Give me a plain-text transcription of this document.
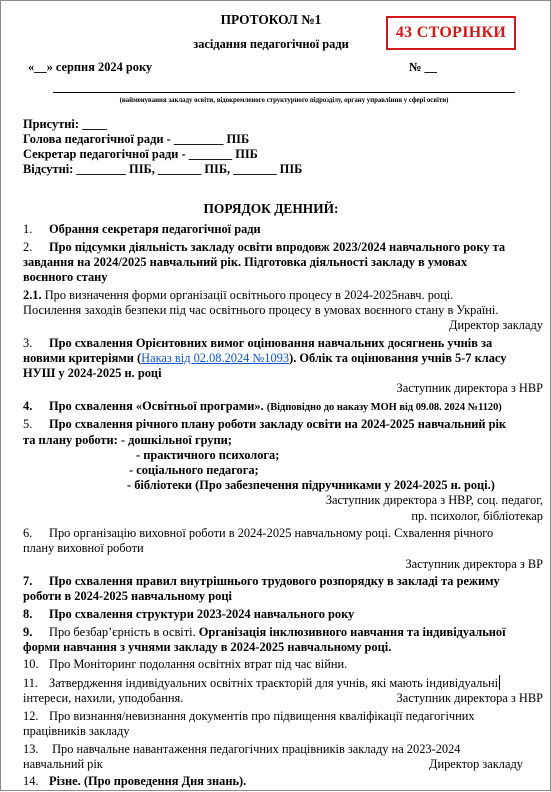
ПРОТОКОЛ №1
засідання педагогічної ради
43 СТОРІНКИ
«__» серпня 2024 року	№ __
(найменування закладу освіти, відокремленого структурного підрозділу, органу управління у сфері освіти)
Присутні: ____
Голова педагогічної ради - ________ ПІБ
Секретар педагогічної ради - _______ ПІБ
Відсутні: ________ ПІБ, _______ ПІБ, _______ ПІБ
ПОРЯДОК ДЕННИЙ:

1. Обрання секретаря педагогічної ради

2. Про підсумки діяльність закладу освіти впродовж 2023/2024 навчального року та
завдання на 2024/2025 навчальний рік. Підготовка діяльності закладу в умовах
воєнного стану

2.1. Про визначення форми організації освітнього процесу в 2024-2025навч. році.
Посилення заходів безпеки під час освітнього процесу в умовах воєнного стану в Україні.

Директор закладу

3. Про схвалення Орієнтовних вимог оцінювання навчальних досягнень учнів за
новими критеріями (Наказ від 02.08.2024 №1093). Облік та оцінювання учнів 5-7 класу
НУШ у 2024-2025 н. році

Заступник директора з НВР

4. Про схвалення «Освітньої програми». (Відповідно до наказу МОН від 09.08. 2024 №1120)

5. Про схвалення річного плану роботи закладу освіти на 2024-2025 навчальний рік
та плану роботи: - дошкільної групи;

- практичного психолога;
- соціального педагога;
- бібліотеки (Про забезпечення підручниками у 2024-2025 н. році.)
Заступник директора з НВР, соц. педагог,
пр. психолог, бібліотекар

6. Про організацію виховної роботи в 2024-2025 навчальному році. Схвалення річного
плану виховної роботи

Заступник директора з ВР

7. Про схвалення правил внутрішнього трудового розпорядку в закладі та режиму
роботи в 2024-2025 навчальному році

8. Про схвалення структури 2023-2024 навчального року

9. Про безбар’єрність в освіті. Організація інклюзивного навчання та індивідуальної
форми навчання з учнями закладу в 2024-2025 навчальному році.

10. Про Моніторинг подолання освітніх втрат під час війни.

11. Затвердження індивідуальних освітніх траєкторій для учнів, які мають індивідуальні
інтереси, нахили, уподобання.	Заступник директора з НВР

12. Про визнання/невизнання документів про підвищення кваліфікації педагогічних
працівників закладу

13. Про навчальне навантаження педагогічних працівників закладу на 2023-2024
навчальний рік	Директор закладу

14. Різне. (Про проведення Дня знань).
